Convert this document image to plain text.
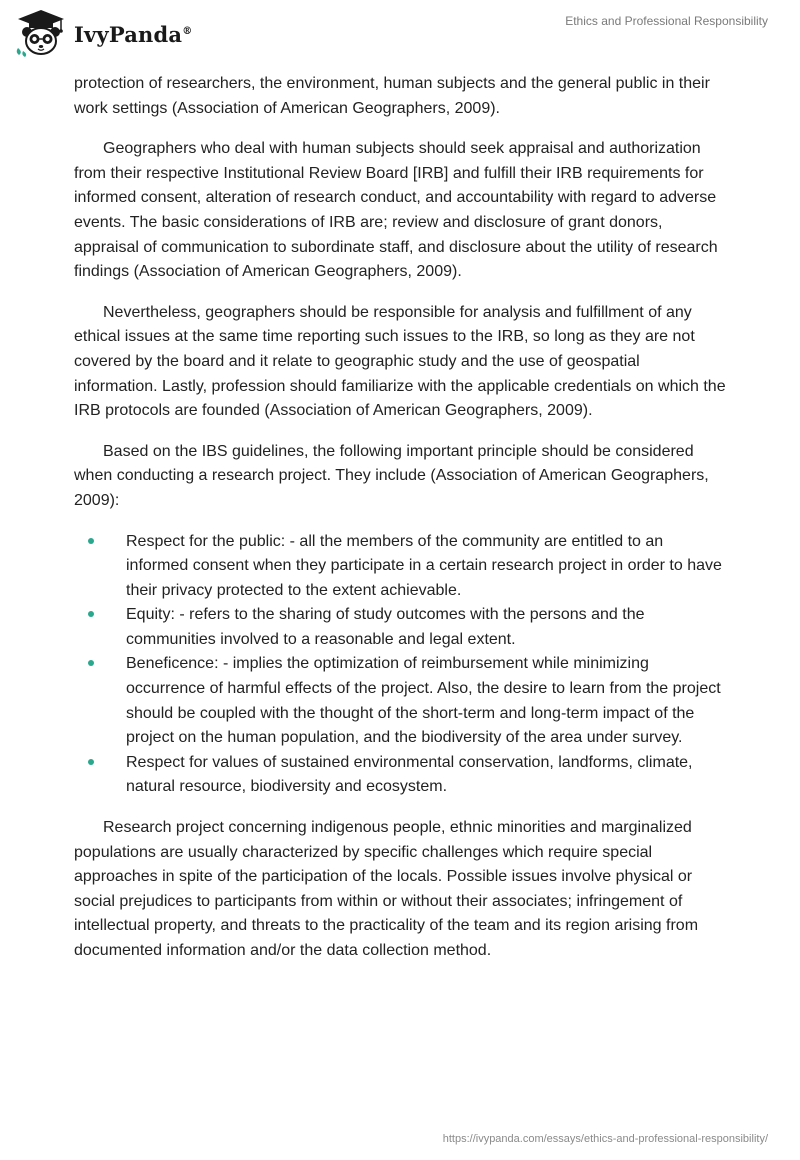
IvyPanda®
Ethics and Professional Responsibility

protection of researchers, the environment, human subjects and the general public in their work settings (Association of American Geographers, 2009).

Geographers who deal with human subjects should seek appraisal and authorization from their respective Institutional Review Board [IRB] and fulfill their IRB requirements for informed consent, alteration of research conduct, and accountability with regard to adverse events. The basic considerations of IRB are; review and disclosure of grant donors, appraisal of communication to subordinate staff, and disclosure about the utility of research findings (Association of American Geographers, 2009).

Nevertheless, geographers should be responsible for analysis and fulfillment of any ethical issues at the same time reporting such issues to the IRB, so long as they are not covered by the board and it relate to geographic study and the use of geospatial information. Lastly, profession should familiarize with the applicable credentials on which the IRB protocols are founded (Association of American Geographers, 2009).

Based on the IBS guidelines, the following important principle should be considered when conducting a research project. They include (Association of American Geographers, 2009):

Respect for the public: - all the members of the community are entitled to an informed consent when they participate in a certain research project in order to have their privacy protected to the extent achievable.
Equity: - refers to the sharing of study outcomes with the persons and the communities involved to a reasonable and legal extent.
Beneficence: - implies the optimization of reimbursement while minimizing occurrence of harmful effects of the project. Also, the desire to learn from the project should be coupled with the thought of the short-term and long-term impact of the project on the human population, and the biodiversity of the area under survey.
Respect for values of sustained environmental conservation, landforms, climate, natural resource, biodiversity and ecosystem.

Research project concerning indigenous people, ethnic minorities and marginalized populations are usually characterized by specific challenges which require special approaches in spite of the participation of the locals. Possible issues involve physical or social prejudices to participants from within or without their associates; infringement of intellectual property, and threats to the practicality of the team and its region arising from documented information and/or the data collection method.

https://ivypanda.com/essays/ethics-and-professional-responsibility/
